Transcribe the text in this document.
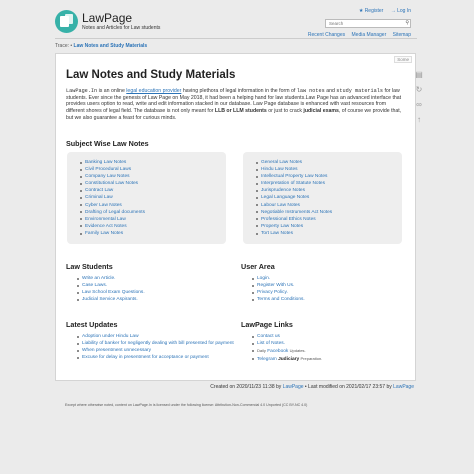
LawPage
Notes and Articles for Law students
★ Register → Log In
Search	⚲
Recent Changes Media Manager Sitemap
Trace: • Law Notes and Study Materials
Some
Law Notes and Study Materials
LawPage.In is an online legal education provider having plethora of legal information in the form of law notes and study materials for law students. Ever since the genesis of Law Page on May 2018, it had been a helping hand for law students.Law Page has an advanced interface that provides users option to read, write and edit information stacked in our database. Law Page database is enhanced with vast resources from different shores of legal field. The database is not only meant for LLB or LLM students or just to crack judicial exams, of course we provide that, but we also guarantee a feast for curious minds.
Subject Wise Law Notes
Banking Law Notes
Civil Procedural Laws
Company Law Notes
Constitutional Law Notes
Contract Law
Criminal Law
Cyber Law Notes
Drafting of Legal documents
Environmental Law
Evidence Act Notes
Family Law Notes
General Law Notes
Hindu Law Notes
Intellectual Property Law Notes
Interpretation of Statute Notes
Jurisprudence Notes
Legal Language Notes
Labour Law Notes
Negotiable Instruments Act Notes
Professional Ethics Notes
Property Law Notes
Tort Law Notes
Law Students
Write an Article.
Case Laws.
Law School Exam Questions.
Judicial Service Aspirants.
User Area
Login.
Register With Us.
Privacy Policy.
Terms and Conditions.
Latest Updates
Adoption under Hindu Law
Liability of banker for negligently dealing with bill presented for payment
When presentment unnecessary
Excuse for delay in presentment for acceptance or payment
LawPage Links
Contact us
List of Notes.
Daily Facebook Updates.
Telegram Judiciary Preparation.
▤
↻
∞
↑
Created on 2020/11/23 11:38 by LawPage • Last modified on 2021/02/17 23:57 by LawPage
Except where otherwise noted, content on LawPage.In is licensed under the following license: Attribution-Non-Commercial 4.0 Unported (CC BY-NC 4.0)
